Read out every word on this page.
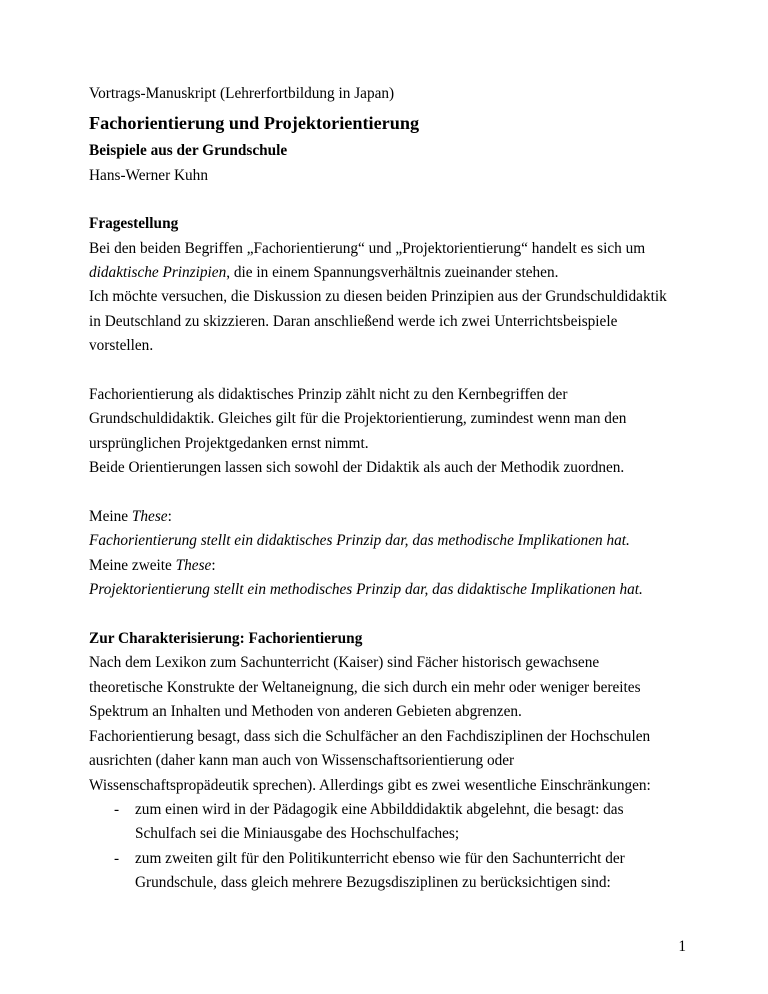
Vortrags-Manuskript (Lehrerfortbildung in Japan)

Fachorientierung und Projektorientierung

Beispiele aus der Grundschule

Hans-Werner Kuhn

Fragestellung

Bei den beiden Begriffen „Fachorientierung“ und „Projektorientierung“ handelt es sich um

didaktische Prinzipien, die in einem Spannungsverhältnis zueinander stehen.

Ich möchte versuchen, die Diskussion zu diesen beiden Prinzipien aus der Grundschuldidaktik

in Deutschland zu skizzieren. Daran anschließend werde ich zwei Unterrichtsbeispiele

vorstellen.

Fachorientierung als didaktisches Prinzip zählt nicht zu den Kernbegriffen der

Grundschuldidaktik. Gleiches gilt für die Projektorientierung, zumindest wenn man den

ursprünglichen Projektgedanken ernst nimmt.

Beide Orientierungen lassen sich sowohl der Didaktik als auch der Methodik zuordnen.

Meine These:

Fachorientierung stellt ein didaktisches Prinzip dar, das methodische Implikationen hat.

Meine zweite These:

Projektorientierung stellt ein methodisches Prinzip dar, das didaktische Implikationen hat.

Zur Charakterisierung: Fachorientierung

Nach dem Lexikon zum Sachunterricht (Kaiser) sind Fächer historisch gewachsene

theoretische Konstrukte der Weltaneignung, die sich durch ein mehr oder weniger bereites

Spektrum an Inhalten und Methoden von anderen Gebieten abgrenzen.

Fachorientierung besagt, dass sich die Schulfächer an den Fachdisziplinen der Hochschulen

ausrichten (daher kann man auch von Wissenschaftsorientierung oder

Wissenschaftspropädeutik sprechen). Allerdings gibt es zwei wesentliche Einschränkungen:

- zum einen wird in der Pädagogik eine Abbilddidaktik abgelehnt, die besagt: das

Schulfach sei die Miniausgabe des Hochschulfaches;

- zum zweiten gilt für den Politikunterricht ebenso wie für den Sachunterricht der

Grundschule, dass gleich mehrere Bezugsdisziplinen zu berücksichtigen sind:

1
